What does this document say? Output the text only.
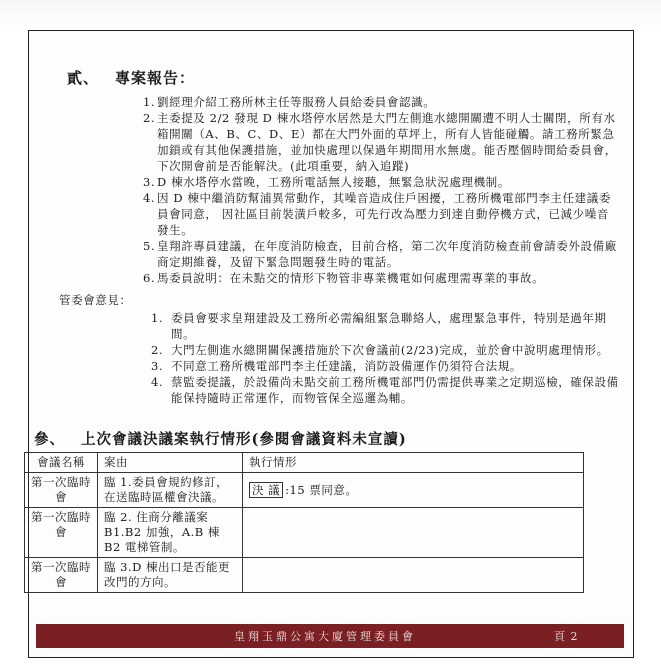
貳、 專案報告：
1. 劉經理介紹工務所林主任等服務人員給委員會認識。
2. 主委提及 2/2 發現 D 棟水塔停水居然是大門左側進水總開關遭不明人士關閉，所有水箱開關（A、B、C、D、E）都在大門外面的草坪上，所有人皆能碰觸。請工務所緊急加鎖或有其他保護措施，並加快處理以保過年期間用水無虞。能否壓個時間給委員會，下次開會前是否能解決。(此項重要，納入追蹤)
3. D 棟水塔停水當晚，工務所電話無人接聽，無緊急狀況處理機制。
4. 因 D 棟中繼消防幫浦異常動作，其噪音造成住戶困擾，工務所機電部門李主任建議委員會同意， 因社區目前裝潢戶較多，可先行改為壓力到達自動停機方式，已減少噪音發生。
5. 皇翔許專員建議，在年度消防檢查，目前合格，第二次年度消防檢查前會請委外設備廠商定期維養，及留下緊急問題發生時的電話。
6. 馬委員說明：在未點交的情形下物管非專業機電如何處理需專業的事故。
管委會意見：
1. 委員會要求皇翔建設及工務所必需編組緊急聯絡人，處理緊急事件，特別是過年期間。
2. 大門左側進水總開關保護措施於下次會議前(2/23)完成，並於會中說明處理情形。
3. 不同意工務所機電部門李主任建議，消防設備運作仍須符合法規。
4. 蔡監委提議，於設備尚未點交前工務所機電部門仍需提供專業之定期巡檢，確保設備能保持隨時正常運作，而物管保全巡邏為輔。
參、 上次會議決議案執行情形(參閱會議資料未宣讀)
會議名稱	案由	執行情形
第一次臨時會	臨 1.委員會規約修訂，在送臨時區權會決議。	決 議 :15 票同意。
第一次臨時會	臨 2. 住商分離議案 B1.B2 加強，A.B 棟 B2 電梯管制。	
第一次臨時會	臨 3.D 棟出口是否能更改門的方向。	
皇翔玉鼎公寓大廈管理委員會	頁 2
